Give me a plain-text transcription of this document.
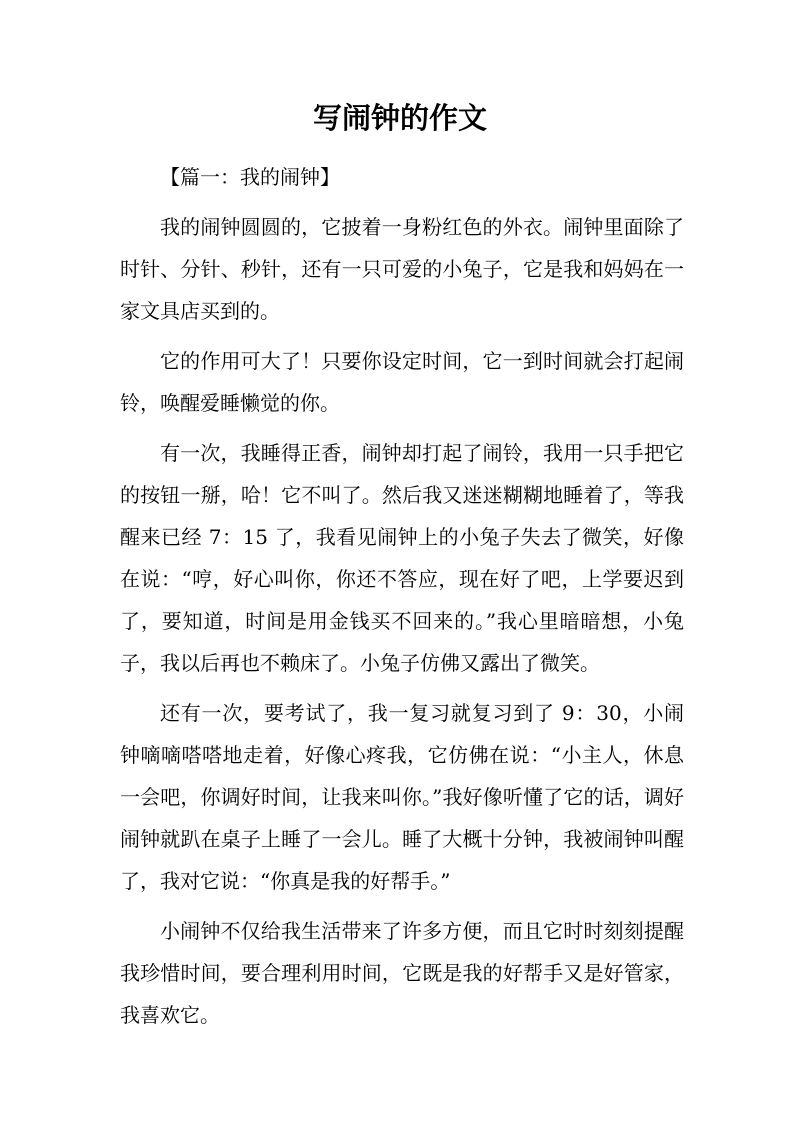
写闹钟的作文

【篇一：我的闹钟】

我的闹钟圆圆的，它披着一身粉红色的外衣。闹钟里面除了时针、分针、秒针，还有一只可爱的小兔子，它是我和妈妈在一家文具店买到的。

它的作用可大了！只要你设定时间，它一到时间就会打起闹铃，唤醒爱睡懒觉的你。

有一次，我睡得正香，闹钟却打起了闹铃，我用一只手把它的按钮一掰，哈！它不叫了。然后我又迷迷糊糊地睡着了，等我醒来已经 7：15 了，我看见闹钟上的小兔子失去了微笑，好像在说：“哼，好心叫你，你还不答应，现在好了吧，上学要迟到了，要知道，时间是用金钱买不回来的。”我心里暗暗想，小兔子，我以后再也不赖床了。小兔子仿佛又露出了微笑。

还有一次，要考试了，我一复习就复习到了 9：30，小闹钟嘀嘀嗒嗒地走着，好像心疼我，它仿佛在说：“小主人，休息一会吧，你调好时间，让我来叫你。”我好像听懂了它的话，调好闹钟就趴在桌子上睡了一会儿。睡了大概十分钟，我被闹钟叫醒了，我对它说：“你真是我的好帮手。”

小闹钟不仅给我生活带来了许多方便，而且它时时刻刻提醒我珍惜时间，要合理利用时间，它既是我的好帮手又是好管家，我喜欢它。
